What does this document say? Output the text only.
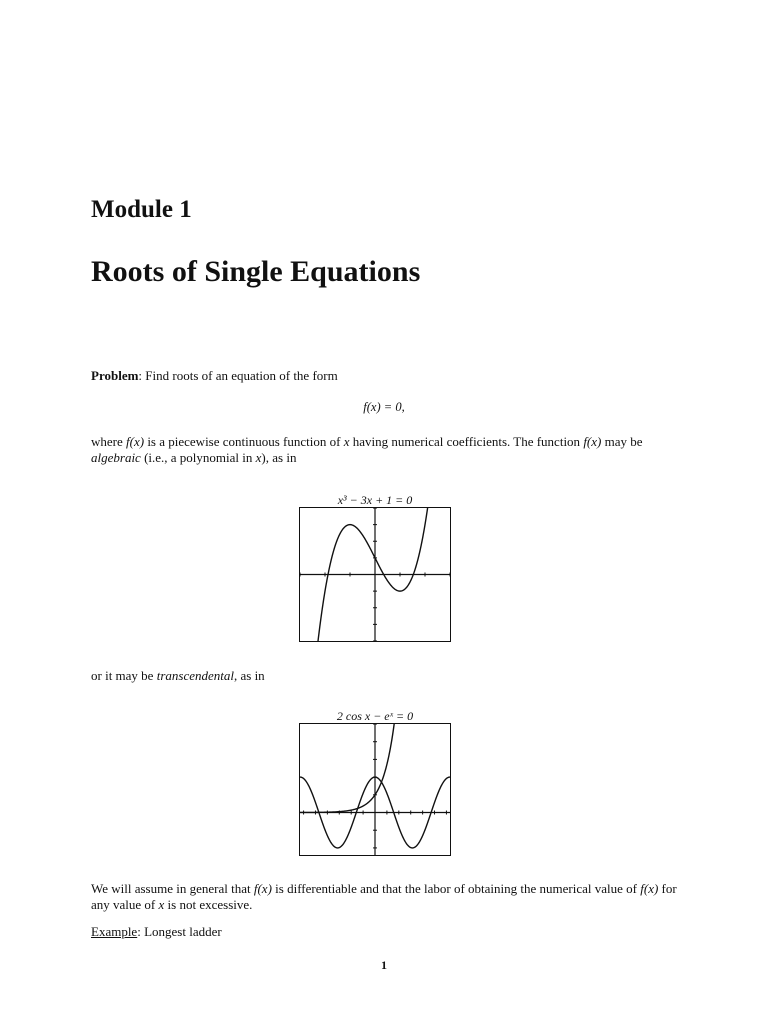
Module 1
Roots of Single Equations
Problem: Find roots of an equation of the form
f(x) = 0,
where f(x) is a piecewise continuous function of x having numerical coefficients. The function f(x) may be algebraic (i.e., a polynomial in x), as in
x³ − 3x + 1 = 0
or it may be transcendental, as in
2 cos x − eˣ = 0
We will assume in general that f(x) is differentiable and that the labor of obtaining the numerical value of f(x) for any value of x is not excessive.
Example: Longest ladder
1
